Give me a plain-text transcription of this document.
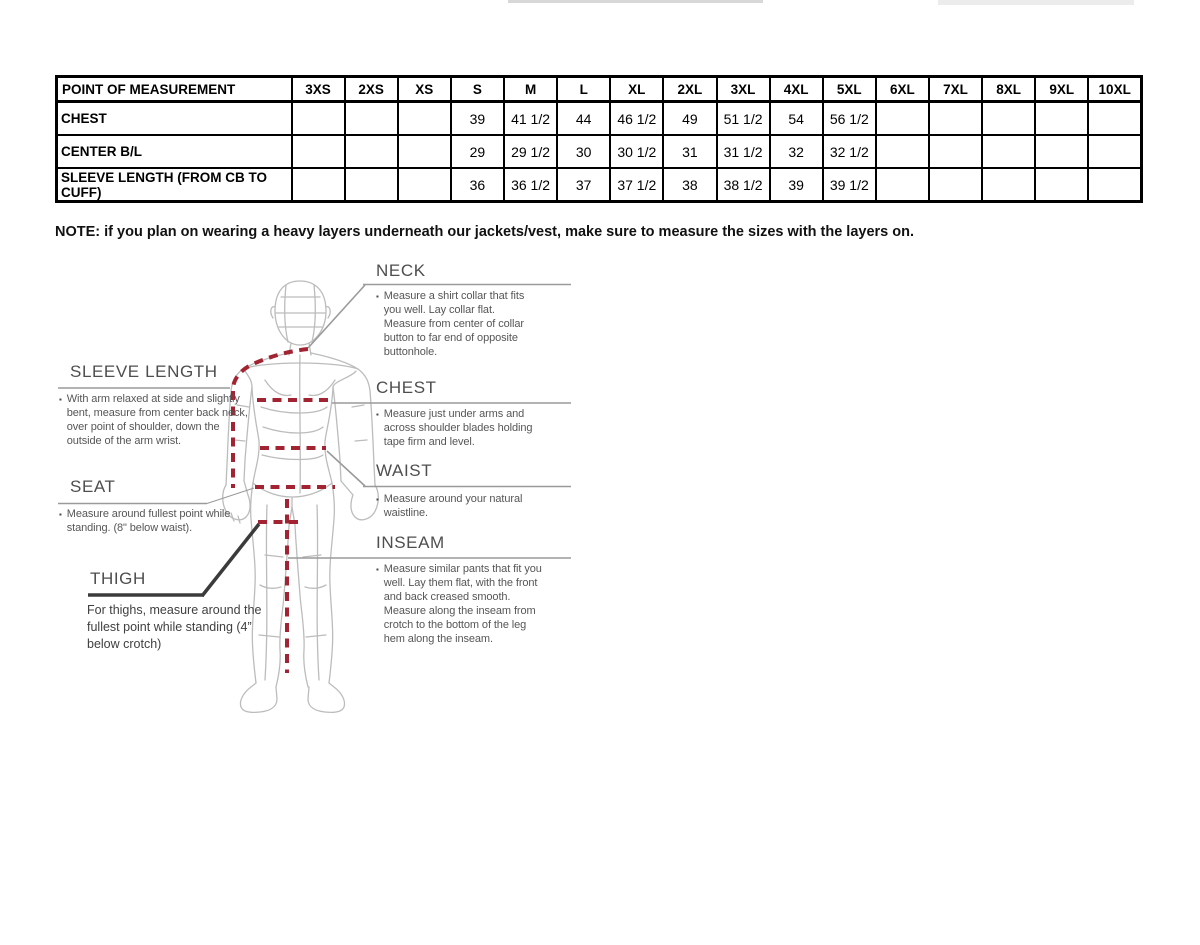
POINT OF MEASUREMENT	3XS	2XS	XS	S	M	L	XL	2XL	3XL	4XL	5XL	6XL	7XL	8XL	9XL	10XL
CHEST				39	41 1/2	44	46 1/2	49	51 1/2	54	56 1/2					
CENTER B/L				29	29 1/2	30	30 1/2	31	31 1/2	32	32 1/2					
SLEEVE LENGTH (FROM CB TO CUFF)				36	36 1/2	37	37 1/2	38	38 1/2	39	39 1/2					
NOTE: if you plan on wearing a heavy layers underneath our jackets/vest, make sure to measure the sizes with the layers on.
NECK
▪ Measure a shirt collar that fits you well. Lay collar flat. Measure from center of collar button to far end of opposite buttonhole.
CHEST
▪ Measure just under arms and across shoulder blades holding tape firm and level.
WAIST
▪ Measure around your natural waistline.
INSEAM
▪ Measure similar pants that fit you well. Lay them flat, with the front and back creased smooth. Measure along the inseam from crotch to the bottom of the leg hem along the inseam.
SLEEVE LENGTH
▪ With arm relaxed at side and slightly bent, measure from center back neck, over point of shoulder, down the outside of the arm wrist.
SEAT
▪ Measure around fullest point while standing. (8" below waist).
THIGH
For thighs, measure around the fullest point while standing (4” below crotch)
